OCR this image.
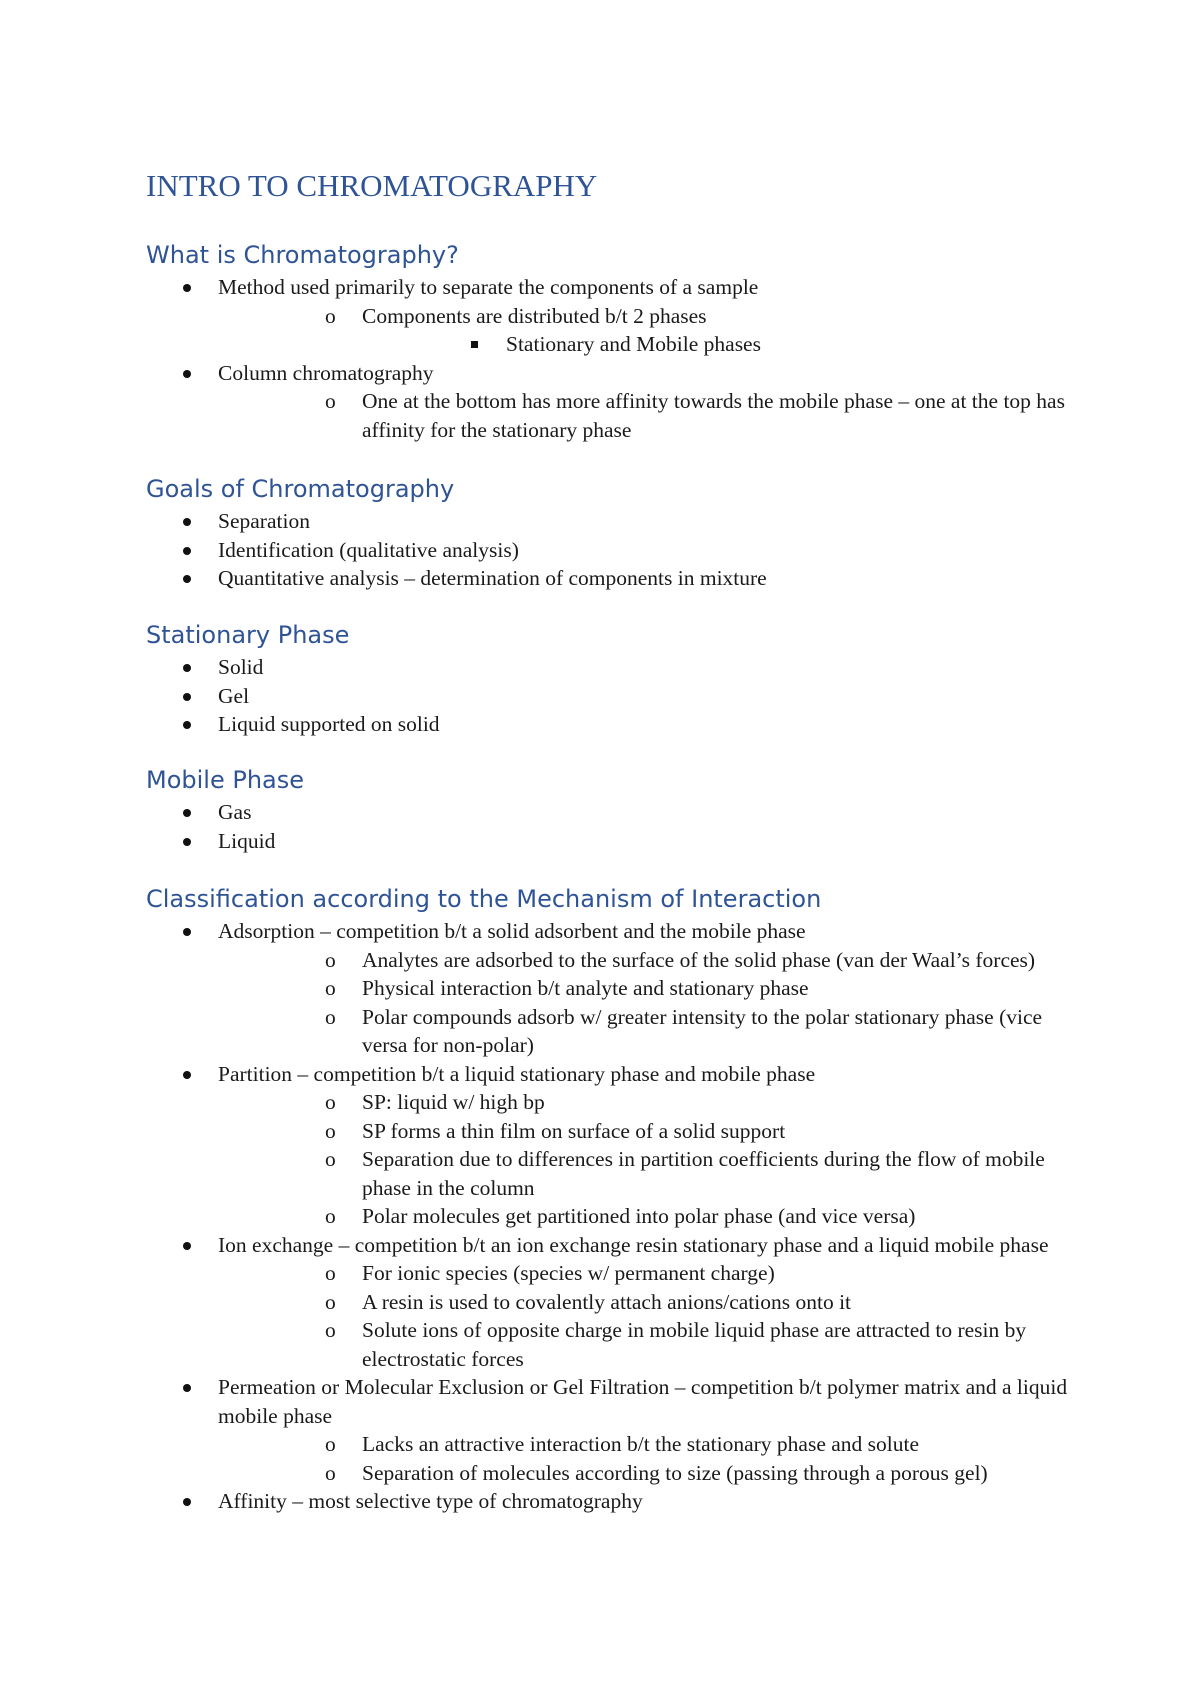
INTRO TO CHROMATOGRAPHY
What is Chromatography?
Method used primarily to separate the components of a sample
o Components are distributed b/t 2 phases
Stationary and Mobile phases
Column chromatography
o One at the bottom has more affinity towards the mobile phase – one at the top has affinity for the stationary phase
Goals of Chromatography
Separation
Identification (qualitative analysis)
Quantitative analysis – determination of components in mixture
Stationary Phase
Solid
Gel
Liquid supported on solid
Mobile Phase
Gas
Liquid
Classification according to the Mechanism of Interaction
Adsorption – competition b/t a solid adsorbent and the mobile phase
o Analytes are adsorbed to the surface of the solid phase (van der Waal’s forces)
o Physical interaction b/t analyte and stationary phase
o Polar compounds adsorb w/ greater intensity to the polar stationary phase (vice versa for non-polar)
Partition – competition b/t a liquid stationary phase and mobile phase
o SP: liquid w/ high bp
o SP forms a thin film on surface of a solid support
o Separation due to differences in partition coefficients during the flow of mobile phase in the column
o Polar molecules get partitioned into polar phase (and vice versa)
Ion exchange – competition b/t an ion exchange resin stationary phase and a liquid mobile phase
o For ionic species (species w/ permanent charge)
o A resin is used to covalently attach anions/cations onto it
o Solute ions of opposite charge in mobile liquid phase are attracted to resin by electrostatic forces
Permeation or Molecular Exclusion or Gel Filtration – competition b/t polymer matrix and a liquid mobile phase
o Lacks an attractive interaction b/t the stationary phase and solute
o Separation of molecules according to size (passing through a porous gel)
Affinity – most selective type of chromatography
